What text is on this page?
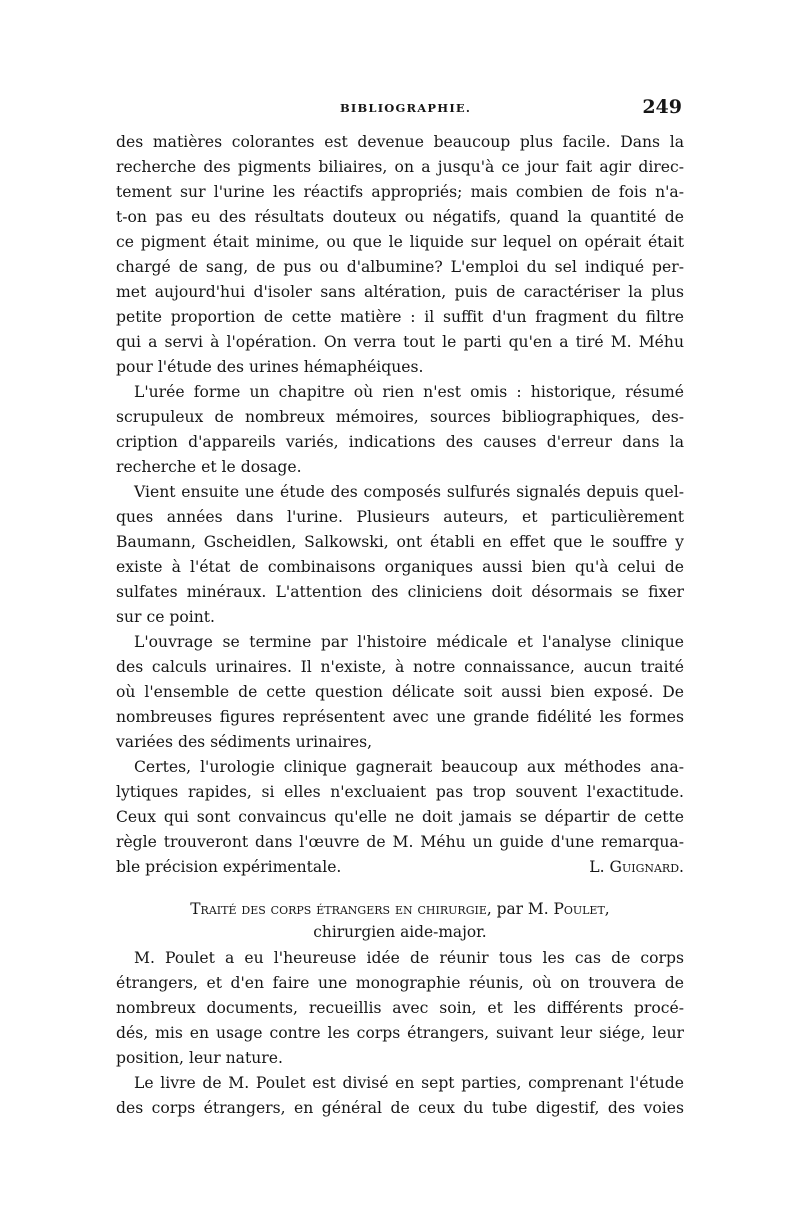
BIBLIOGRAPHIE.	249
des matières colorantes est devenue beaucoup plus facile. Dans la
recherche des pigments biliaires, on a jusqu'à ce jour fait agir direc-
tement sur l'urine les réactifs appropriés; mais combien de fois n'a-
t-on pas eu des résultats douteux ou négatifs, quand la quantité de
ce pigment était minime, ou que le liquide sur lequel on opérait était
chargé de sang, de pus ou d'albumine? L'emploi du sel indiqué per-
met aujourd'hui d'isoler sans altération, puis de caractériser la plus
petite proportion de cette matière : il suffit d'un fragment du filtre
qui a servi à l'opération. On verra tout le parti qu'en a tiré M. Méhu
pour l'étude des urines hémaphéiques.
L'urée forme un chapitre où rien n'est omis : historique, résumé
scrupuleux de nombreux mémoires, sources bibliographiques, des-
cription d'appareils variés, indications des causes d'erreur dans la
recherche et le dosage.
Vient ensuite une étude des composés sulfurés signalés depuis quel-
ques années dans l'urine. Plusieurs auteurs, et particulièrement
Baumann, Gscheidlen, Salkowski, ont établi en effet que le souffre y
existe à l'état de combinaisons organiques aussi bien qu'à celui de
sulfates minéraux. L'attention des cliniciens doit désormais se fixer
sur ce point.
L'ouvrage se termine par l'histoire médicale et l'analyse clinique
des calculs urinaires. Il n'existe, à notre connaissance, aucun traité
où l'ensemble de cette question délicate soit aussi bien exposé. De
nombreuses figures représentent avec une grande fidélité les formes
variées des sédiments urinaires,
Certes, l'urologie clinique gagnerait beaucoup aux méthodes ana-
lytiques rapides, si elles n'excluaient pas trop souvent l'exactitude.
Ceux qui sont convaincus qu'elle ne doit jamais se départir de cette
règle trouveront dans l'œuvre de M. Méhu un guide d'une remarqua-
ble précision expérimentale.	L. Guignard.
Traité des corps étrangers en chirurgie, par M. Poulet,
chirurgien aide-major.
M. Poulet a eu l'heureuse idée de réunir tous les cas de corps
étrangers, et d'en faire une monographie réunis, où on trouvera de
nombreux documents, recueillis avec soin, et les différents procé-
dés, mis en usage contre les corps étrangers, suivant leur siége, leur
position, leur nature.
Le livre de M. Poulet est divisé en sept parties, comprenant l'étude
des corps étrangers, en général de ceux du tube digestif, des voies
